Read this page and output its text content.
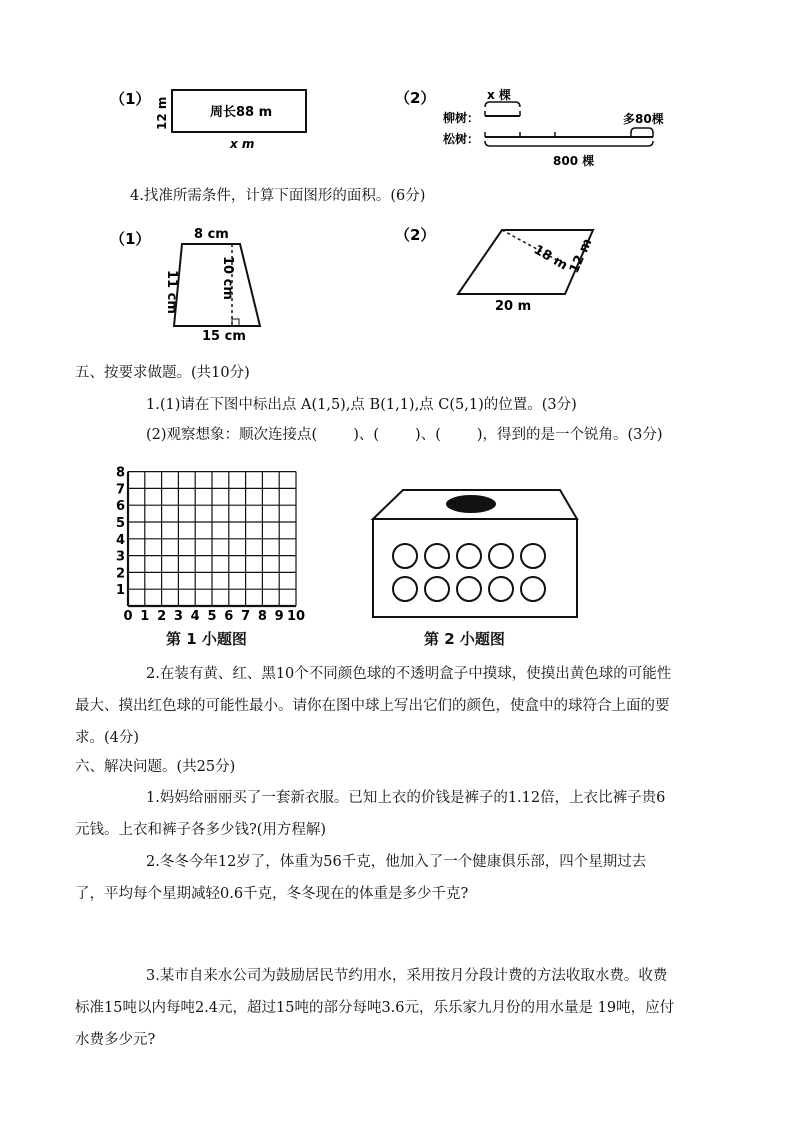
（1）
周长88 m
12 m
x m
（2）	x 棵
柳树：	多80棵
松树：
800 棵
4.找准所需条件，计算下面图形的面积。(6分)
（1）	8 cm
11 cm	10 cm
15 cm
（2）
18 m
12 m
20 m
五、按要求做题。(共10分)
1.(1)请在下图中标出点 A(1,5),点 B(1,1),点 C(5,1)的位置。(3分)
(2)观察想象：顺次连接点( )、( )、( )，得到的是一个锐角。(3分)
0 1 2 3 4 5 6 7 8 9 10
1
2
3
4
5
6
7
8
第 1 小题图	第 2 小题图
2.在装有黄、红、黑10个不同颜色球的不透明盒子中摸球，使摸出黄色球的可能性最大、摸出红色球的可能性最小。请你在图中球上写出它们的颜色，使盒中的球符合上面的要求。(4分)
六、解决问题。(共25分)
1.妈妈给丽丽买了一套新衣服。已知上衣的价钱是裤子的1.12倍，上衣比裤子贵6元钱。上衣和裤子各多少钱?(用方程解)
2.冬冬今年12岁了，体重为56千克，他加入了一个健康俱乐部，四个星期过去了，平均每个星期减轻0.6千克，冬冬现在的体重是多少千克?
3.某市自来水公司为鼓励居民节约用水，采用按月分段计费的方法收取水费。收费标准15吨以内每吨2.4元，超过15吨的部分每吨3.6元，乐乐家九月份的用水量是 19吨，应付水费多少元?
